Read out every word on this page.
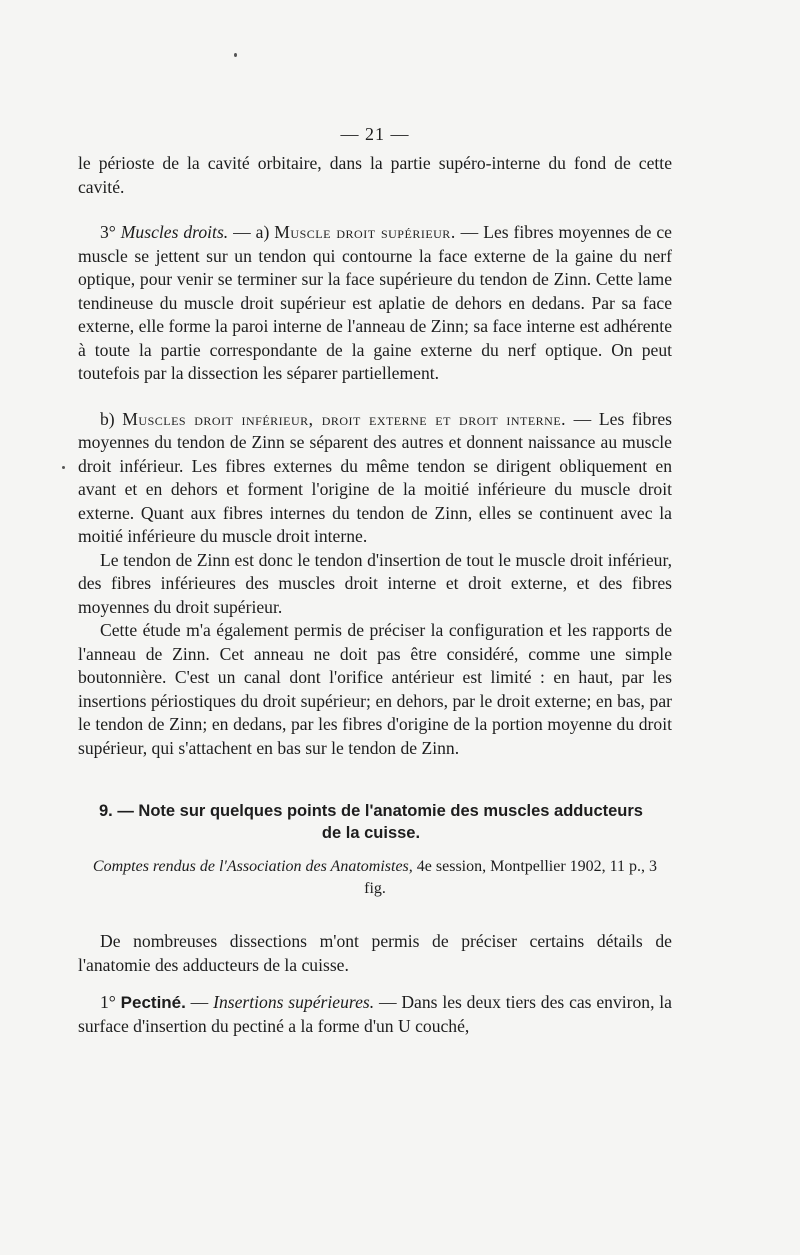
— 21 —

le périoste de la cavité orbitaire, dans la partie supéro-interne du fond de cette cavité.

3° Muscles droits. — a) Muscle droit supérieur. — Les fibres moyennes de ce muscle se jettent sur un tendon qui contourne la face externe de la gaine du nerf optique, pour venir se terminer sur la face supérieure du tendon de Zinn. Cette lame tendineuse du muscle droit supérieur est aplatie de dehors en dedans. Par sa face externe, elle forme la paroi interne de l'anneau de Zinn; sa face interne est adhérente à toute la partie correspondante de la gaine externe du nerf optique. On peut toutefois par la dissection les séparer partiellement.

b) Muscles droit inférieur, droit externe et droit interne. — Les fibres moyennes du tendon de Zinn se séparent des autres et donnent naissance au muscle droit inférieur. Les fibres externes du même tendon se dirigent obliquement en avant et en dehors et forment l'origine de la moitié inférieure du muscle droit externe. Quant aux fibres internes du tendon de Zinn, elles se continuent avec la moitié inférieure du muscle droit interne.

Le tendon de Zinn est donc le tendon d'insertion de tout le muscle droit inférieur, des fibres inférieures des muscles droit interne et droit externe, et des fibres moyennes du droit supérieur.

Cette étude m'a également permis de préciser la configuration et les rapports de l'anneau de Zinn. Cet anneau ne doit pas être considéré, comme une simple boutonnière. C'est un canal dont l'orifice antérieur est limité : en haut, par les insertions périostiques du droit supérieur; en dehors, par le droit externe; en bas, par le tendon de Zinn; en dedans, par les fibres d'origine de la portion moyenne du droit supérieur, qui s'attachent en bas sur le tendon de Zinn.

9. — Note sur quelques points de l'anatomie des muscles adducteurs de la cuisse.
Comptes rendus de l'Association des Anatomistes, 4e session, Montpellier 1902, 11 p., 3 fig.

De nombreuses dissections m'ont permis de préciser certains détails de l'anatomie des adducteurs de la cuisse.

1° Pectiné. — Insertions supérieures. — Dans les deux tiers des cas environ, la surface d'insertion du pectiné a la forme d'un U couché,
